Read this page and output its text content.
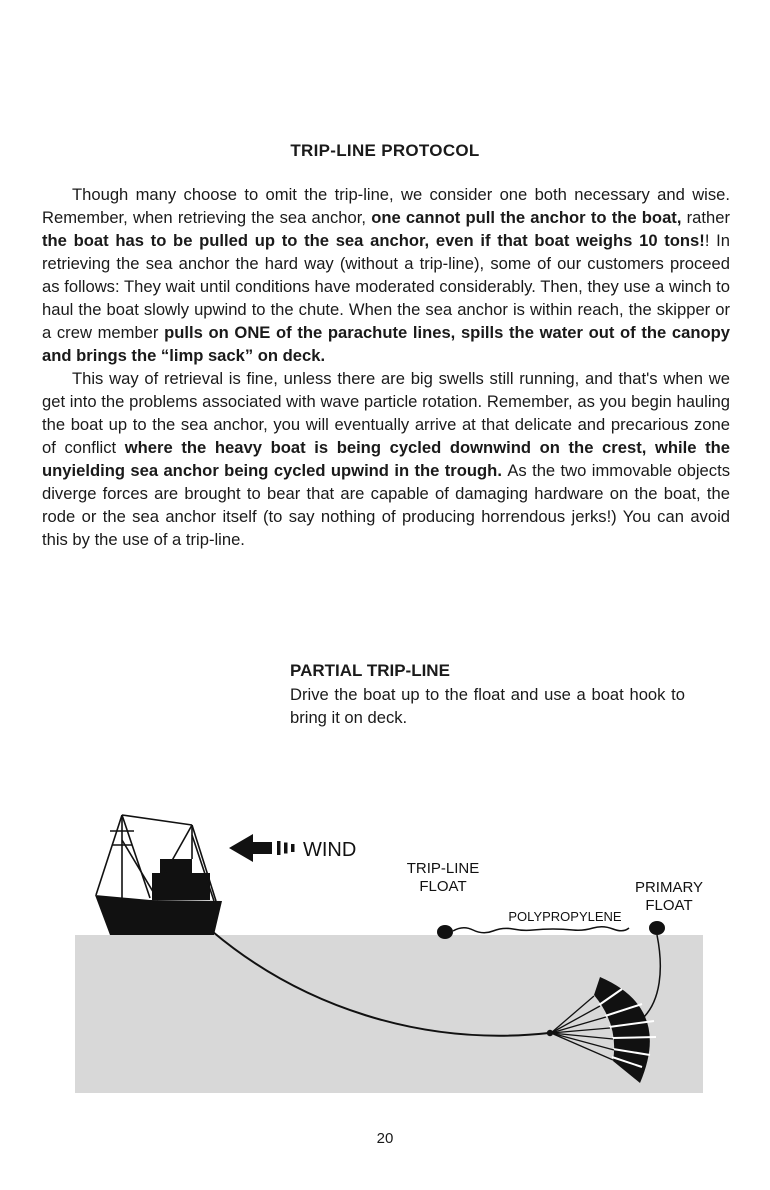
TRIP-LINE PROTOCOL

Though many choose to omit the trip-line, we consider one both necessary and wise. Remember, when retrieving the sea anchor, one cannot pull the anchor to the boat, rather the boat has to be pulled up to the sea anchor, even if that boat weighs 10 tons!! In retrieving the sea anchor the hard way (without a trip-line), some of our customers proceed as follows: They wait until conditions have moderated considerably. Then, they use a winch to haul the boat slowly upwind to the chute. When the sea anchor is within reach, the skipper or a crew member pulls on ONE of the parachute lines, spills the water out of the canopy and brings the “limp sack” on deck.

This way of retrieval is fine, unless there are big swells still running, and that's when we get into the problems associated with wave particle rotation. Remember, as you begin hauling the boat up to the sea anchor, you will eventually arrive at that delicate and precarious zone of conflict where the heavy boat is being cycled downwind on the crest, while the unyielding sea anchor being cycled upwind in the trough. As the two immovable objects diverge forces are brought to bear that are capable of damaging hardware on the boat, the rode or the sea anchor itself (to say nothing of producing horrendous jerks!) You can avoid this by the use of a trip-line.

PARTIAL TRIP-LINE
Drive the boat up to the float and use a boat hook to bring it on deck.
WIND
TRIP-LINE
FLOAT	PRIMARY
FLOAT
POLYPROPYLENE
20
